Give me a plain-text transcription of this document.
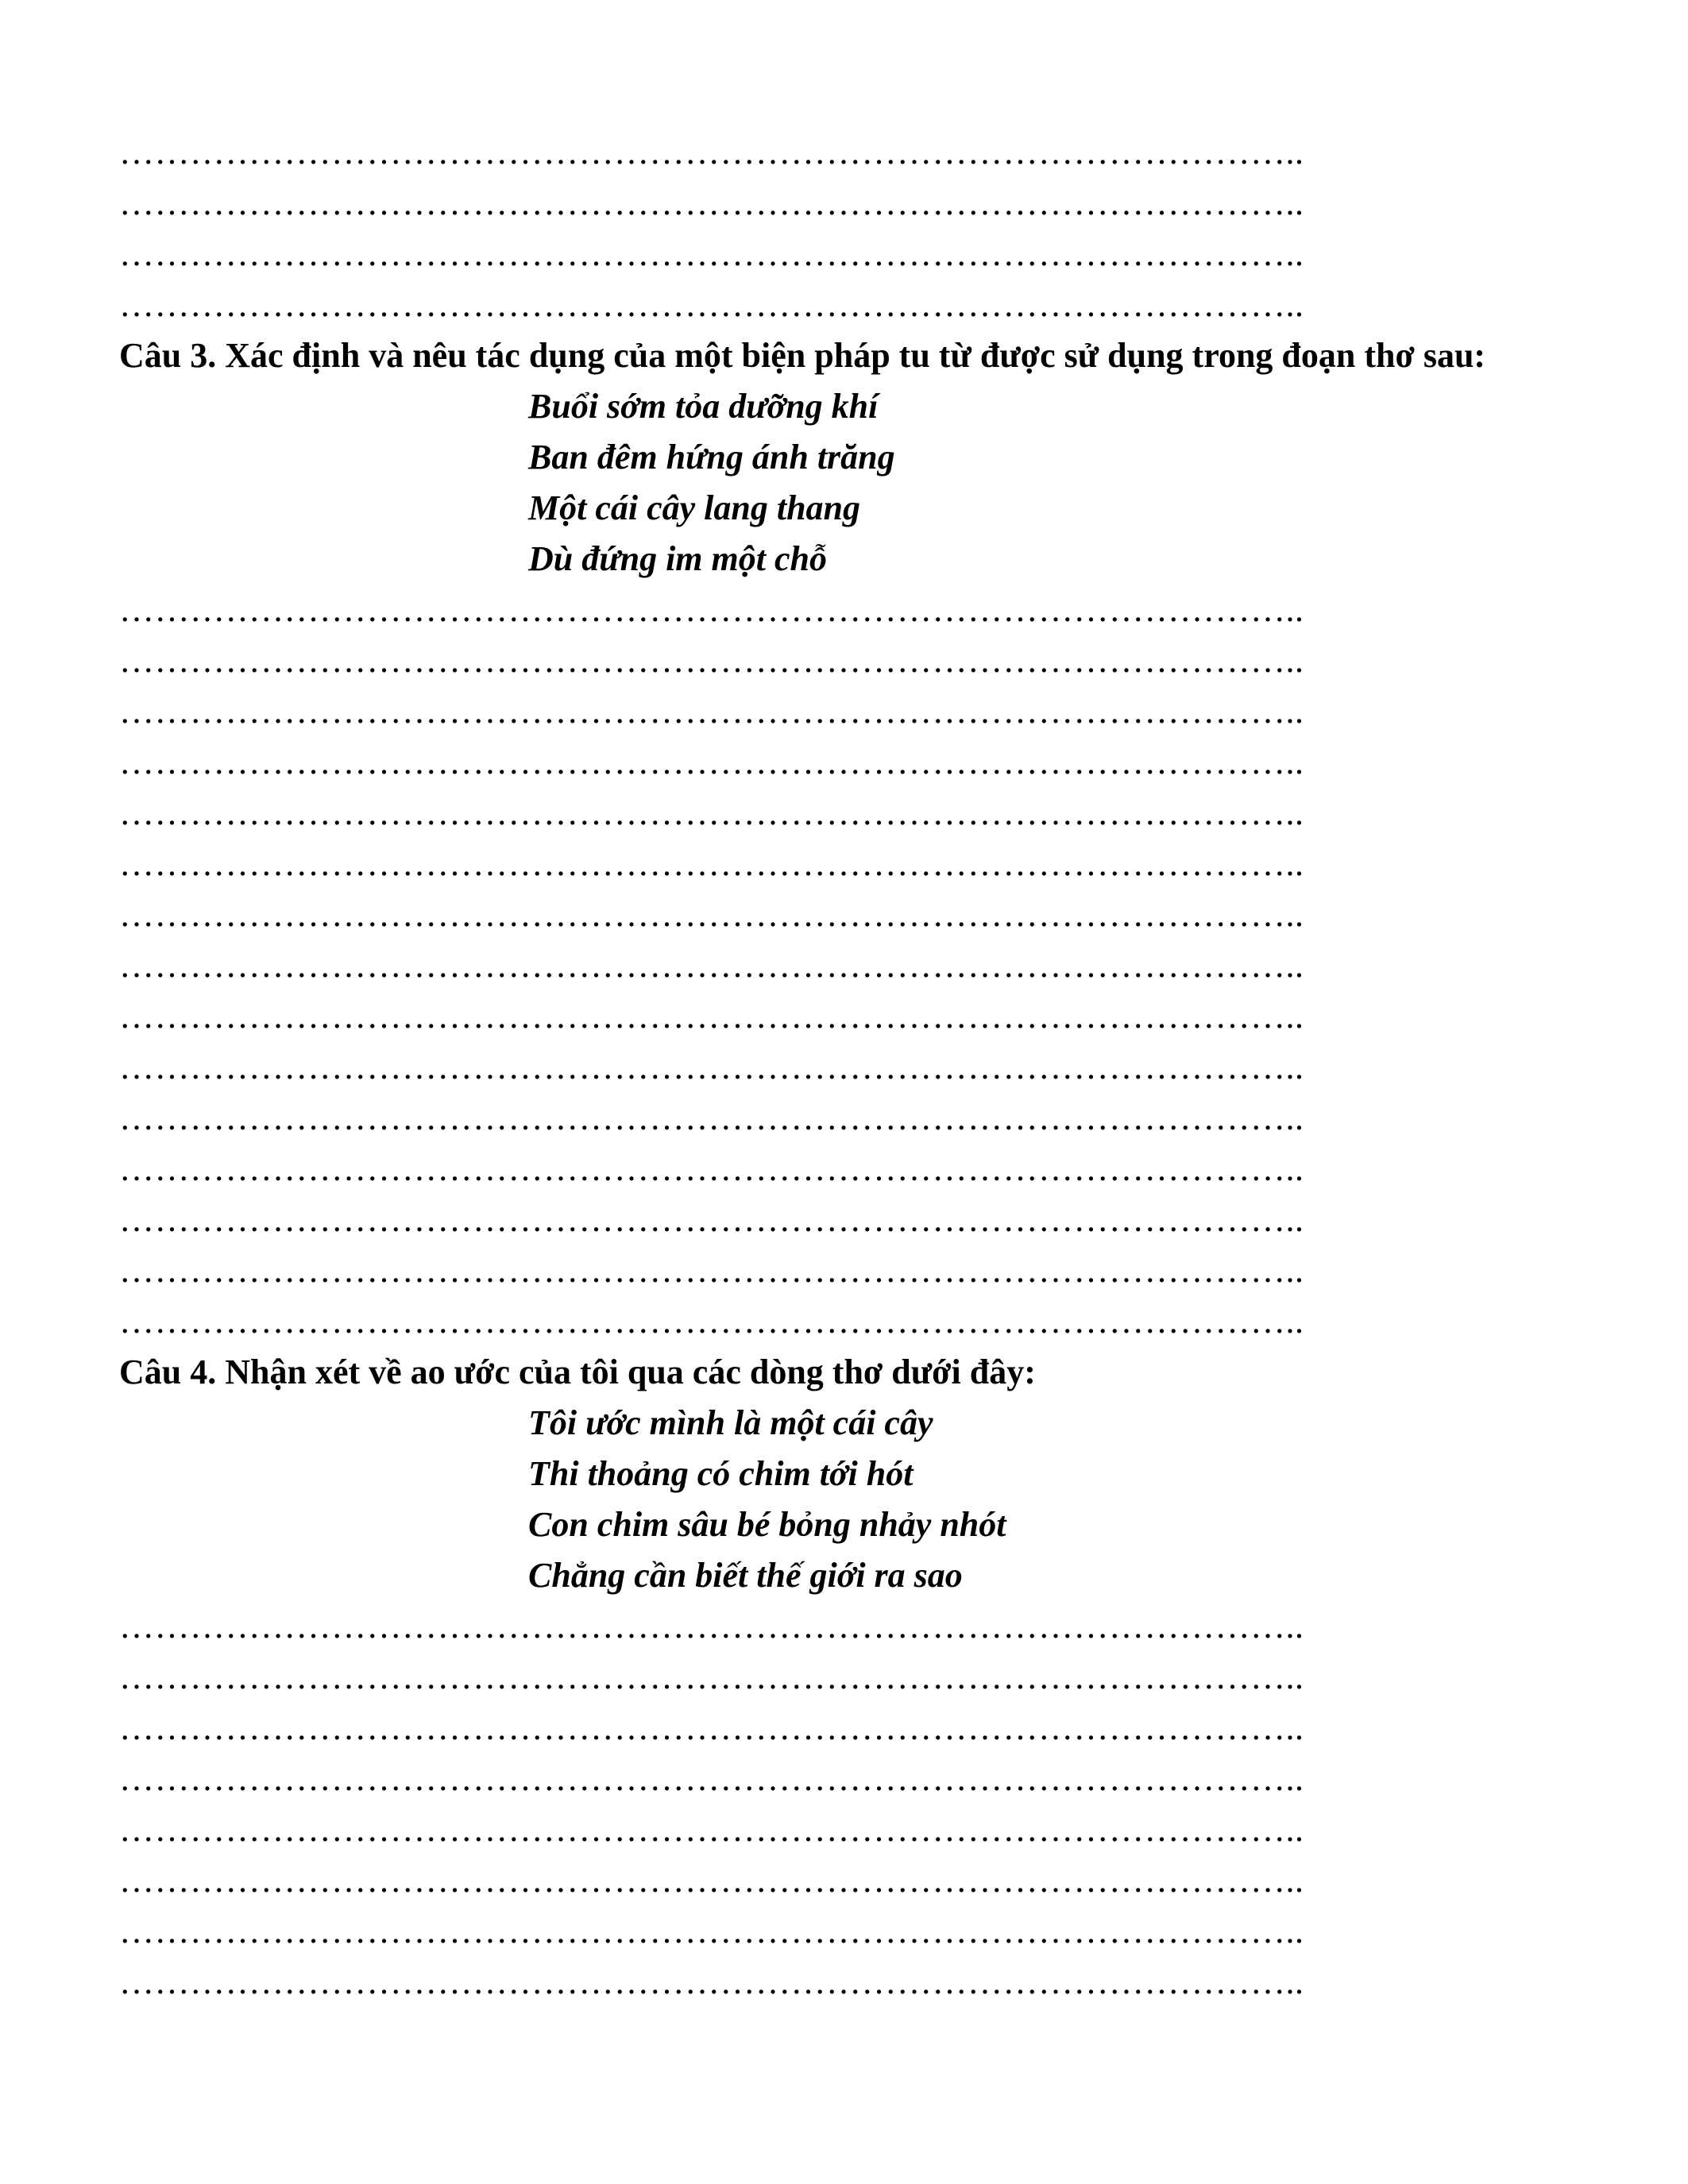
………………………………………………………………………………………..
………………………………………………………………………………………..
………………………………………………………………………………………..
………………………………………………………………………………………..

Câu 3. Xác định và nêu tác dụng của một biện pháp tu từ được sử dụng trong đoạn thơ sau:

Buổi sớm tỏa dưỡng khí
Ban đêm hứng ánh trăng
Một cái cây lang thang
Dù đứng im một chỗ
………………………………………………………………………………………..
………………………………………………………………………………………..
………………………………………………………………………………………..
………………………………………………………………………………………..
………………………………………………………………………………………..
………………………………………………………………………………………..
………………………………………………………………………………………..
………………………………………………………………………………………..
………………………………………………………………………………………..
………………………………………………………………………………………..
………………………………………………………………………………………..
………………………………………………………………………………………..
………………………………………………………………………………………..
………………………………………………………………………………………..
………………………………………………………………………………………..

Câu 4. Nhận xét về ao ước của tôi qua các dòng thơ dưới đây:

Tôi ước mình là một cái cây
Thi thoảng có chim tới hót
Con chim sâu bé bỏng nhảy nhót
Chẳng cần biết thế giới ra sao
………………………………………………………………………………………..
………………………………………………………………………………………..
………………………………………………………………………………………..
………………………………………………………………………………………..
………………………………………………………………………………………..
………………………………………………………………………………………..
………………………………………………………………………………………..
………………………………………………………………………………………..
